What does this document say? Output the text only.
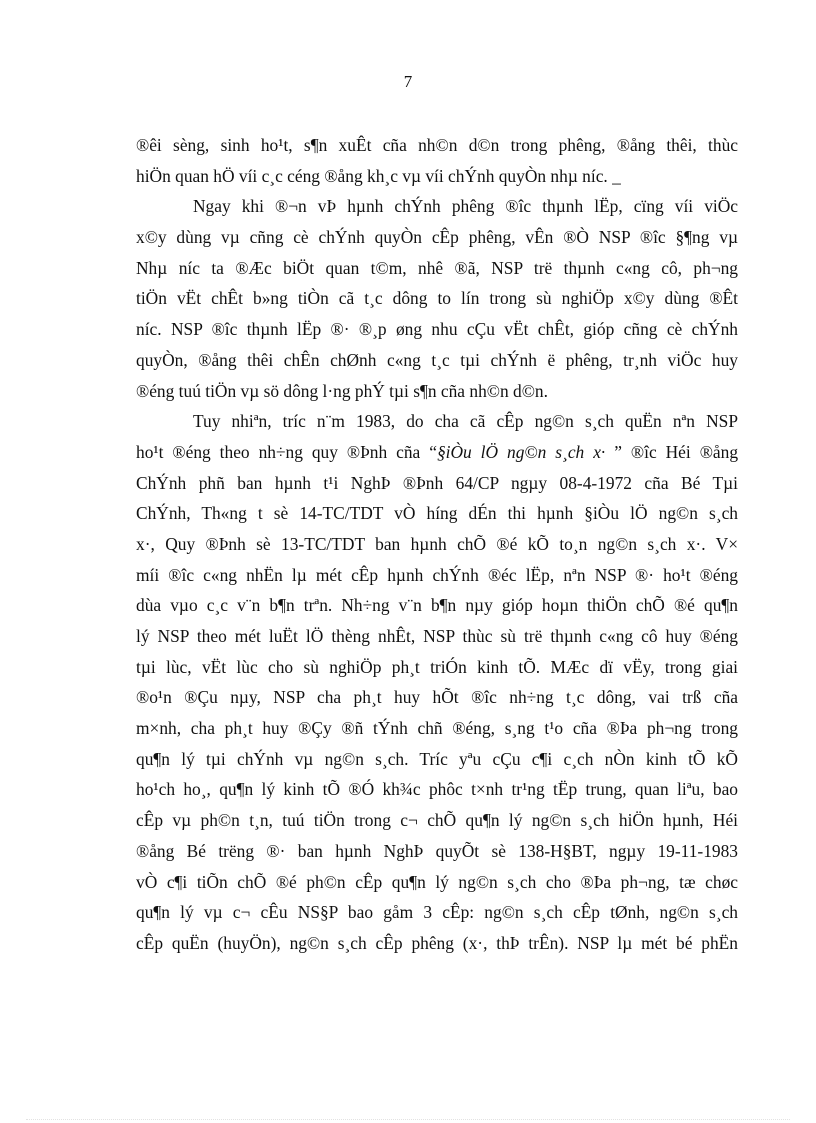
7
®êi sèng, sinh ho¹t, s¶n xuÊt cña nh©n d©n trong phêng, ®ång thêi, thùc
hiÖn quan hÖ víi c¸c céng ®ång kh¸c vµ víi chÝnh quyÒn nhµ níc. _
Ngay khi ®¬n vÞ hµnh chÝnh phêng ®îc thµnh lËp, cïng víi viÖc
x©y dùng vµ cñng cè chÝnh quyÒn cÊp phêng, vÊn ®Ò NSP ®îc §¶ng vµ
Nhµ níc ta ®Æc biÖt quan t©m, nhê ®ã, NSP trë thµnh c«ng cô, ph¬ng
tiÖn vËt chÊt b»ng tiÒn cã t¸c dông to lín trong sù nghiÖp x©y dùng ®Êt
níc. NSP ®îc thµnh lËp ®· ®¸p øng nhu cÇu vËt chÊt, gióp cñng cè chÝnh
quyÒn, ®ång thêi chÊn chØnh c«ng t¸c tµi chÝnh ë phêng, tr¸nh viÖc huy
®éng tuú tiÖn vµ sö dông l·ng phÝ tµi s¶n cña nh©n d©n.
Tuy nhiªn, tríc n¨m 1983, do cha cã cÊp ng©n s¸ch quËn nªn NSP
ho¹t ®éng theo nh÷ng quy ®Þnh cña “§iÒu lÖ ng©n s¸ch x· ” ®îc Héi ®ång
ChÝnh phñ ban hµnh t¹i NghÞ ®Þnh 64/CP ngµy 08-4-1972 cña Bé Tµi
ChÝnh, Th«ng t sè 14-TC/TDT vÒ híng dÉn thi hµnh §iÒu lÖ ng©n s¸ch
x·, Quy ®Þnh sè 13-TC/TDT ban hµnh chÕ ®é kÕ to¸n ng©n s¸ch x·. V×
míi ®îc c«ng nhËn lµ mét cÊp hµnh chÝnh ®éc lËp, nªn NSP ®· ho¹t ®éng
dùa vµo c¸c v¨n b¶n trªn. Nh÷ng v¨n b¶n nµy gióp hoµn thiÖn chÕ ®é qu¶n
lý NSP theo mét luËt lÖ thèng nhÊt, NSP thùc sù trë thµnh c«ng cô huy ®éng
tµi lùc, vËt lùc cho sù nghiÖp ph¸t triÓn kinh tÕ. MÆc dï vËy, trong giai
®o¹n ®Çu nµy, NSP cha ph¸t huy hÕt ®îc nh÷ng t¸c dông, vai trß cña
m×nh, cha ph¸t huy ®Çy ®ñ tÝnh chñ ®éng, s¸ng t¹o cña ®Þa ph¬ng trong
qu¶n lý tµi chÝnh vµ ng©n s¸ch. Tríc yªu cÇu c¶i c¸ch nÒn kinh tÕ kÕ
ho¹ch ho¸, qu¶n lý kinh tÕ ®Ó kh¾c phôc t×nh tr¹ng tËp trung, quan liªu, bao
cÊp vµ ph©n t¸n, tuú tiÖn trong c¬ chÕ qu¶n lý ng©n s¸ch hiÖn hµnh, Héi
®ång Bé trëng ®· ban hµnh NghÞ quyÕt sè 138-H§BT, ngµy 19-11-1983
vÒ c¶i tiÕn chÕ ®é ph©n cÊp qu¶n lý ng©n s¸ch cho ®Þa ph¬ng, tæ chøc
qu¶n lý vµ c¬ cÊu NS§P bao gåm 3 cÊp: ng©n s¸ch cÊp tØnh, ng©n s¸ch
cÊp quËn (huyÖn), ng©n s¸ch cÊp phêng (x·, thÞ trÊn). NSP lµ mét bé phËn
